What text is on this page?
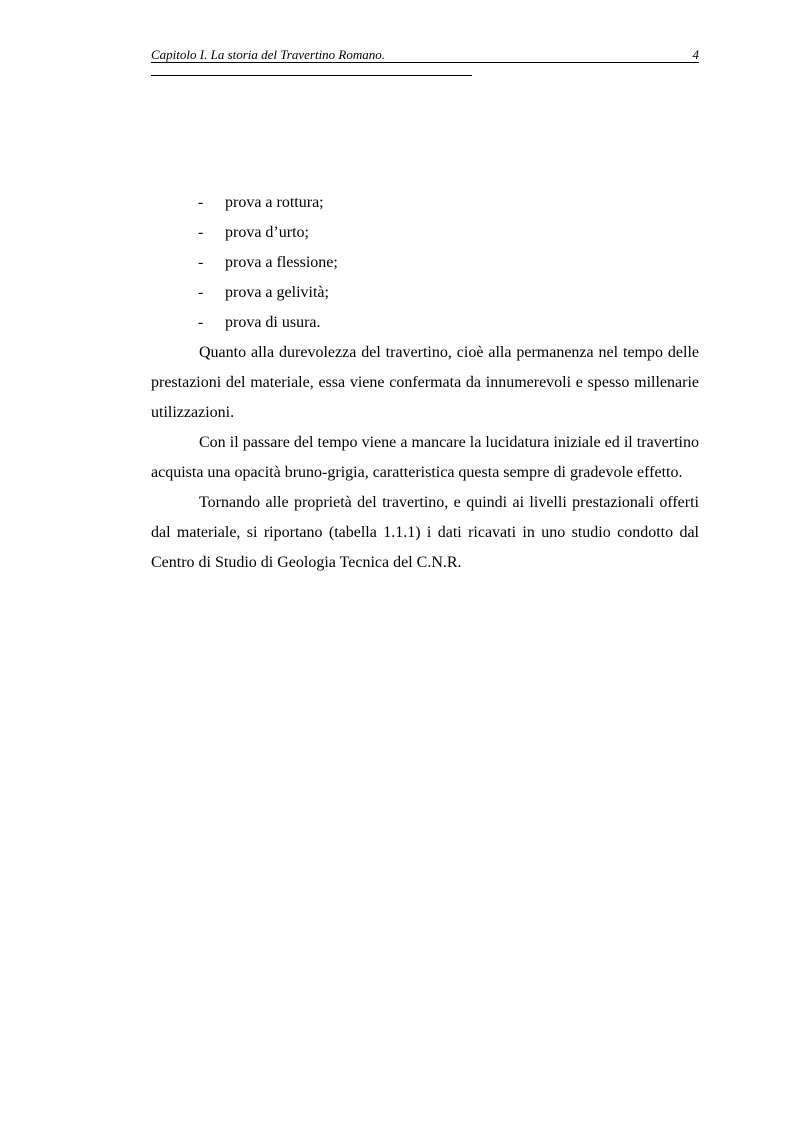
Capitolo I. La storia del Travertino Romano.	4
- prova a rottura;
- prova d’urto;
- prova a flessione;
- prova a gelività;
- prova di usura.

Quanto alla durevolezza del travertino, cioè alla permanenza nel tempo delle prestazioni del materiale, essa viene confermata da innumerevoli e spesso millenarie utilizzazioni.

Con il passare del tempo viene a mancare la lucidatura iniziale ed il travertino acquista una opacità bruno-grigia, caratteristica questa sempre di gradevole effetto.

Tornando alle proprietà del travertino, e quindi ai livelli prestazionali offerti dal materiale, si riportano (tabella 1.1.1) i dati ricavati in uno studio condotto dal Centro di Studio di Geologia Tecnica del C.N.R.
